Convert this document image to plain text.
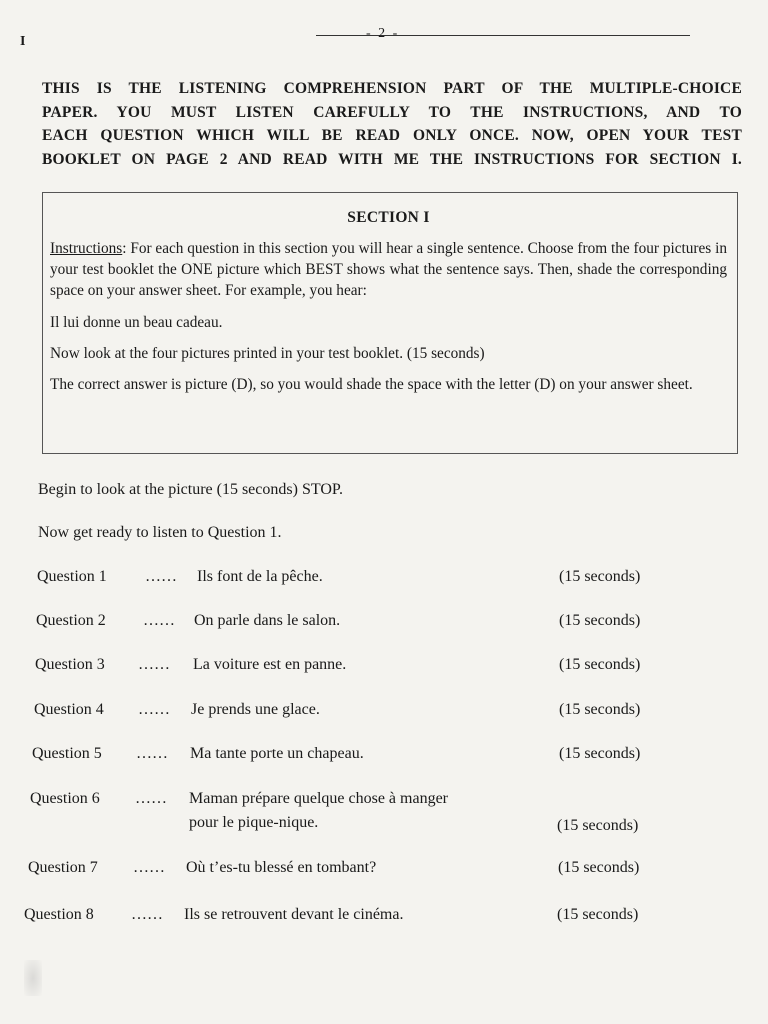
I
- 2 -
THIS IS THE LISTENING COMPREHENSION PART OF THE MULTIPLE-CHOICE
PAPER. YOU MUST LISTEN CAREFULLY TO THE INSTRUCTIONS, AND TO
EACH QUESTION WHICH WILL BE READ ONLY ONCE. NOW, OPEN YOUR TEST
BOOKLET ON PAGE 2 AND READ WITH ME THE INSTRUCTIONS FOR SECTION I.
SECTION I

Instructions: For each question in this section you will hear a single sentence. Choose from the four pictures in your test booklet the ONE picture which BEST shows what the sentence says. Then, shade the corresponding space on your answer sheet. For example, you hear:

Il lui donne un beau cadeau.

Now look at the four pictures printed in your test booklet. (15 seconds)

The correct answer is picture (D), so you would shade the space with the letter (D) on your answer sheet.

Begin to look at the picture (15 seconds) STOP.
Now get ready to listen to Question 1.
Question 1 …… Ils font de la pêche.	(15 seconds)
Question 2 …… On parle dans le salon.	(15 seconds)
Question 3 …… La voiture est en panne.	(15 seconds)
Question 4 …… Je prends une glace.	(15 seconds)
Question 5 …… Ma tante porte un chapeau.	(15 seconds)
Question 6 …… Maman prépare quelque chose à manger
pour le pique-nique.	(15 seconds)
Question 7 …… Où t’es-tu blessé en tombant?	(15 seconds)
Question 8 …… Ils se retrouvent devant le cinéma.	(15 seconds)
